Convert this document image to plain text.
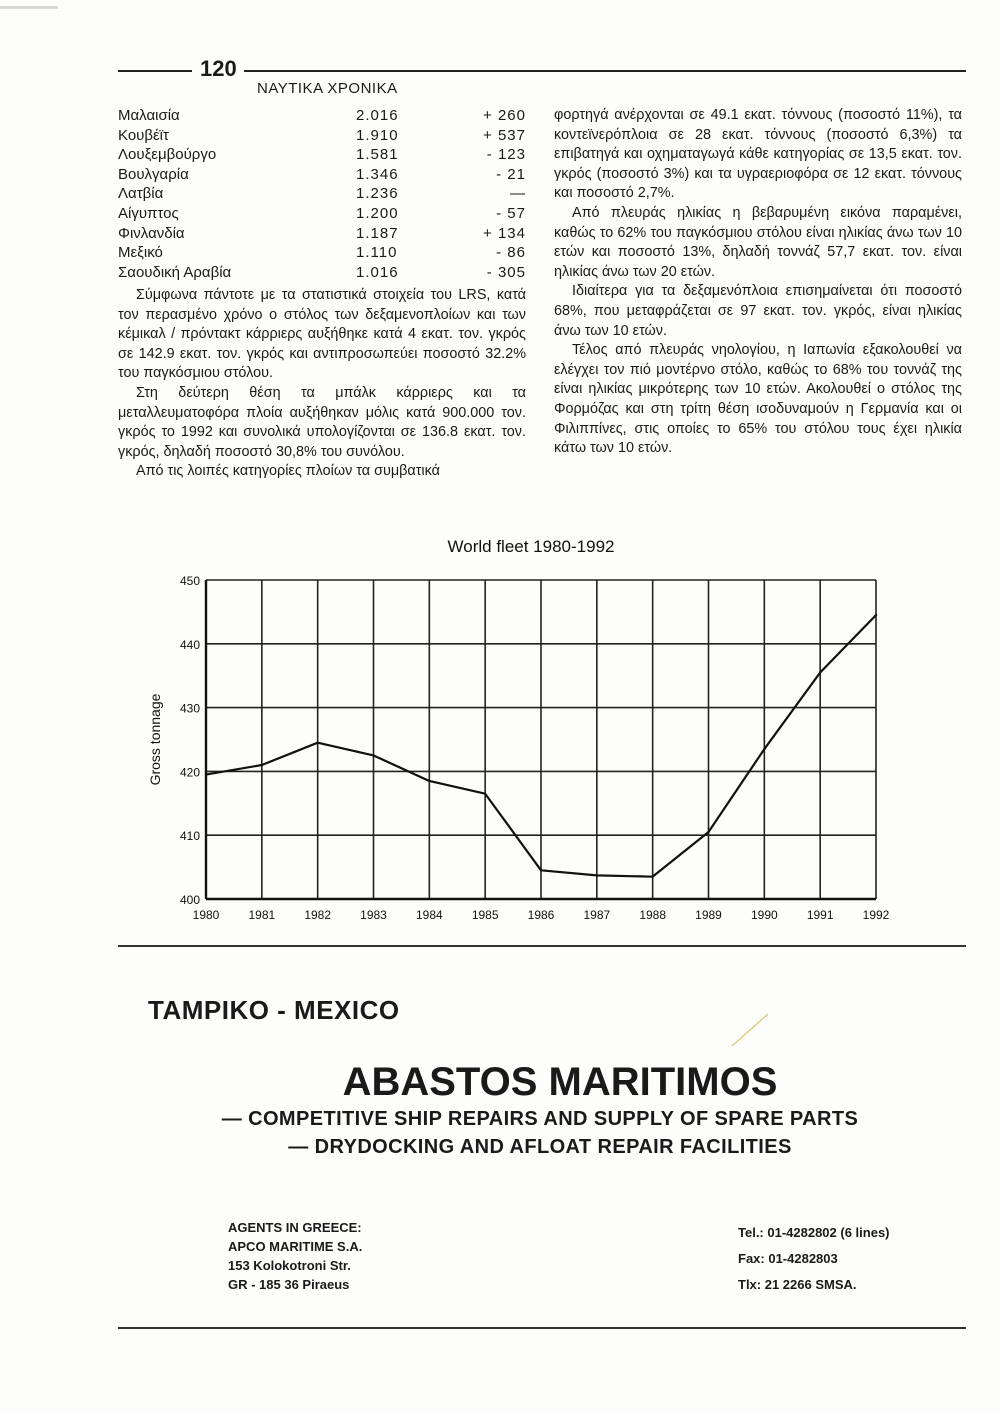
120
ΝΑΥΤΙΚΑ ΧΡΟΝΙΚΑ
Μαλαισία	2.016	+ 260
Κουβέϊτ	1.910	+ 537
Λουξεμβούργο	1.581	- 123
Βουλγαρία	1.346	- 21
Λατβία	1.236	—
Αίγυπτος	1.200	- 57
Φινλανδία	1.187	+ 134
Μεξικό	1.110	- 86
Σαουδική Αραβία	1.016	- 305

Σύμφωνα πάντοτε με τα στατιστικά στοιχεία του LRS, κατά τον περασμένο χρόνο ο στόλος των δεξαμενοπλοίων και των κέμικαλ / πρόντακτ κάρριερς αυξήθηκε κατά 4 εκατ. τον. γκρός σε 142.9 εκατ. τον. γκρός και αντιπροσωπεύει ποσοστό 32.2% του παγκόσμιου στόλου.

Στη δεύτερη θέση τα μπάλκ κάρριερς και τα μεταλλευματοφόρα πλοία αυξήθηκαν μόλις κατά 900.000 τον. γκρός το 1992 και συνολικά υπολογίζονται σε 136.8 εκατ. τον. γκρός, δηλαδή ποσοστό 30,8% του συνόλου.

Από τις λοιπές κατηγορίες πλοίων τα συμβατικά

φορτηγά ανέρχονται σε 49.1 εκατ. τόννους (ποσοστό 11%), τα κοντεϊνερόπλοια σε 28 εκατ. τόννους (ποσοστό 6,3%) τα επιβατηγά και οχηματαγωγά κάθε κατηγορίας σε 13,5 εκατ. τον. γκρός (ποσοστό 3%) και τα υγραεριοφόρα σε 12 εκατ. τόννους και ποσοστό 2,7%.

Από πλευράς ηλικίας η βεβαρυμένη εικόνα παραμένει, καθώς το 62% του παγκόσμιου στόλου είναι ηλικίας άνω των 10 ετών και ποσοστό 13%, δηλαδή τοννάζ 57,7 εκατ. τον. είναι ηλικίας άνω των 20 ετών.

Ιδιαίτερα για τα δεξαμενόπλοια επισημαίνεται ότι ποσοστό 68%, που μεταφράζεται σε 97 εκατ. τον. γκρός, είναι ηλικίας άνω των 10 ετών.

Τέλος από πλευράς νηολογίου, η Ιαπωνία εξακολουθεί να ελέγχει τον πιό μοντέρνο στόλο, καθώς το 68% του τοννάζ της είναι ηλικίας μικρότερης των 10 ετών. Ακολουθεί ο στόλος της Φορμόζας και στη τρίτη θέση ισοδυναμούν η Γερμανία και οι Φιλιππίνες, στις οποίες το 65% του στόλου τους έχει ηλικία κάτω των 10 ετών.

World fleet 1980-1992
400
410
420
430
440
450
1980 1981 1982 1983 1984 1985 1986 1987 1988 1989 1990 1991 1992
Gross tonnage
TAMPIKO - MEXICO
ABASTOS MARITIMOS
— COMPETITIVE SHIP REPAIRS AND SUPPLY OF SPARE PARTS
— DRYDOCKING AND AFLOAT REPAIR FACILITIES
AGENTS IN GREECE:
APCO MARITIME S.A.
153 Kolokotroni Str.
GR - 185 36 Piraeus
Tel.: 01-4282802 (6 lines)
Fax: 01-4282803
Tlx: 21 2266 SMSA.
